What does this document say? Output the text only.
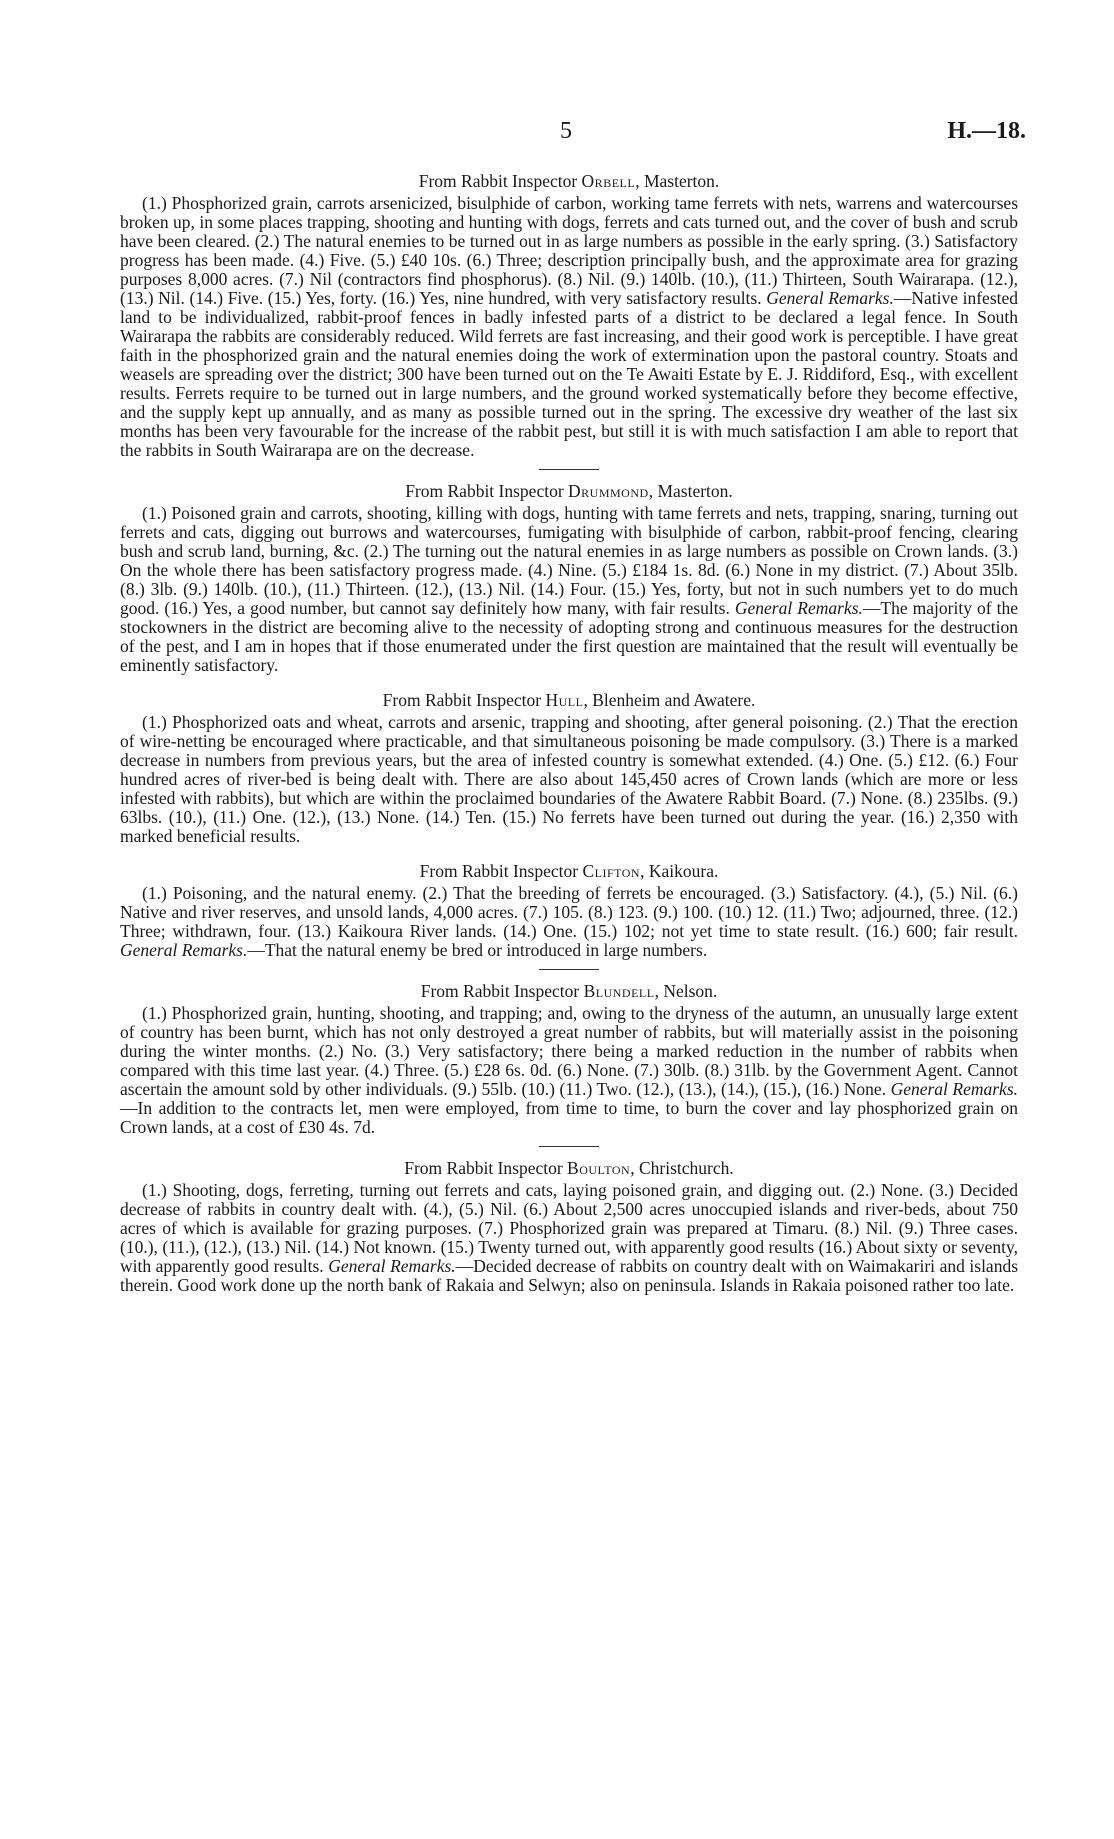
5	H.—18.

From Rabbit Inspector Orbell, Masterton.

(1.) Phosphorized grain, carrots arsenicized, bisulphide of carbon, working tame ferrets with nets, warrens and watercourses broken up, in some places trapping, shooting and hunting with dogs, ferrets and cats turned out, and the cover of bush and scrub have been cleared. (2.) The natural enemies to be turned out in as large numbers as possible in the early spring. (3.) Satisfactory progress has been made. (4.) Five. (5.) £40 10s. (6.) Three; description principally bush, and the approximate area for grazing purposes 8,000 acres. (7.) Nil (contractors find phosphorus). (8.) Nil. (9.) 140lb. (10.), (11.) Thirteen, South Wairarapa. (12.), (13.) Nil. (14.) Five. (15.) Yes, forty. (16.) Yes, nine hundred, with very satisfactory results. General Remarks.—Native infested land to be individualized, rabbit-proof fences in badly infested parts of a district to be declared a legal fence. In South Wairarapa the rabbits are considerably reduced. Wild ferrets are fast increasing, and their good work is perceptible. I have great faith in the phosphorized grain and the natural enemies doing the work of extermination upon the pastoral country. Stoats and weasels are spreading over the district; 300 have been turned out on the Te Awaiti Estate by E. J. Riddiford, Esq., with excellent results. Ferrets require to be turned out in large numbers, and the ground worked systematically before they become effective, and the supply kept up annually, and as many as possible turned out in the spring. The excessive dry weather of the last six months has been very favourable for the increase of the rabbit pest, but still it is with much satisfaction I am able to report that the rabbits in South Wairarapa are on the decrease.

From Rabbit Inspector Drummond, Masterton.

(1.) Poisoned grain and carrots, shooting, killing with dogs, hunting with tame ferrets and nets, trapping, snaring, turning out ferrets and cats, digging out burrows and watercourses, fumigating with bisulphide of carbon, rabbit-proof fencing, clearing bush and scrub land, burning, &c. (2.) The turning out the natural enemies in as large numbers as possible on Crown lands. (3.) On the whole there has been satisfactory progress made. (4.) Nine. (5.) £184 1s. 8d. (6.) None in my district. (7.) About 35lb. (8.) 3lb. (9.) 140lb. (10.), (11.) Thirteen. (12.), (13.) Nil. (14.) Four. (15.) Yes, forty, but not in such numbers yet to do much good. (16.) Yes, a good number, but cannot say definitely how many, with fair results. General Remarks.—The majority of the stockowners in the district are becoming alive to the necessity of adopting strong and continuous measures for the destruction of the pest, and I am in hopes that if those enumerated under the first question are maintained that the result will eventually be eminently satisfactory.

From Rabbit Inspector Hull, Blenheim and Awatere.

(1.) Phosphorized oats and wheat, carrots and arsenic, trapping and shooting, after general poisoning. (2.) That the erection of wire-netting be encouraged where practicable, and that simultaneous poisoning be made compulsory. (3.) There is a marked decrease in numbers from previous years, but the area of infested country is somewhat extended. (4.) One. (5.) £12. (6.) Four hundred acres of river-bed is being dealt with. There are also about 145,450 acres of Crown lands (which are more or less infested with rabbits), but which are within the proclaimed boundaries of the Awatere Rabbit Board. (7.) None. (8.) 235lbs. (9.) 63lbs. (10.), (11.) One. (12.), (13.) None. (14.) Ten. (15.) No ferrets have been turned out during the year. (16.) 2,350 with marked beneficial results.

From Rabbit Inspector Clifton, Kaikoura.

(1.) Poisoning, and the natural enemy. (2.) That the breeding of ferrets be encouraged. (3.) Satisfactory. (4.), (5.) Nil. (6.) Native and river reserves, and unsold lands, 4,000 acres. (7.) 105. (8.) 123. (9.) 100. (10.) 12. (11.) Two; adjourned, three. (12.) Three; withdrawn, four. (13.) Kaikoura River lands. (14.) One. (15.) 102; not yet time to state result. (16.) 600; fair result. General Remarks.—That the natural enemy be bred or introduced in large numbers.

From Rabbit Inspector Blundell, Nelson.

(1.) Phosphorized grain, hunting, shooting, and trapping; and, owing to the dryness of the autumn, an unusually large extent of country has been burnt, which has not only destroyed a great number of rabbits, but will materially assist in the poisoning during the winter months. (2.) No. (3.) Very satisfactory; there being a marked reduction in the number of rabbits when compared with this time last year. (4.) Three. (5.) £28 6s. 0d. (6.) None. (7.) 30lb. (8.) 31lb. by the Government Agent. Cannot ascertain the amount sold by other individuals. (9.) 55lb. (10.) (11.) Two. (12.), (13.), (14.), (15.), (16.) None. General Remarks.—In addition to the contracts let, men were employed, from time to time, to burn the cover and lay phosphorized grain on Crown lands, at a cost of £30 4s. 7d.

From Rabbit Inspector Boulton, Christchurch.

(1.) Shooting, dogs, ferreting, turning out ferrets and cats, laying poisoned grain, and digging out. (2.) None. (3.) Decided decrease of rabbits in country dealt with. (4.), (5.) Nil. (6.) About 2,500 acres unoccupied islands and river-beds, about 750 acres of which is available for grazing purposes. (7.) Phosphorized grain was prepared at Timaru. (8.) Nil. (9.) Three cases. (10.), (11.), (12.), (13.) Nil. (14.) Not known. (15.) Twenty turned out, with apparently good results (16.) About sixty or seventy, with apparently good results. General Remarks.—Decided decrease of rabbits on country dealt with on Waimakariri and islands therein. Good work done up the north bank of Rakaia and Selwyn; also on peninsula. Islands in Rakaia poisoned rather too late.
